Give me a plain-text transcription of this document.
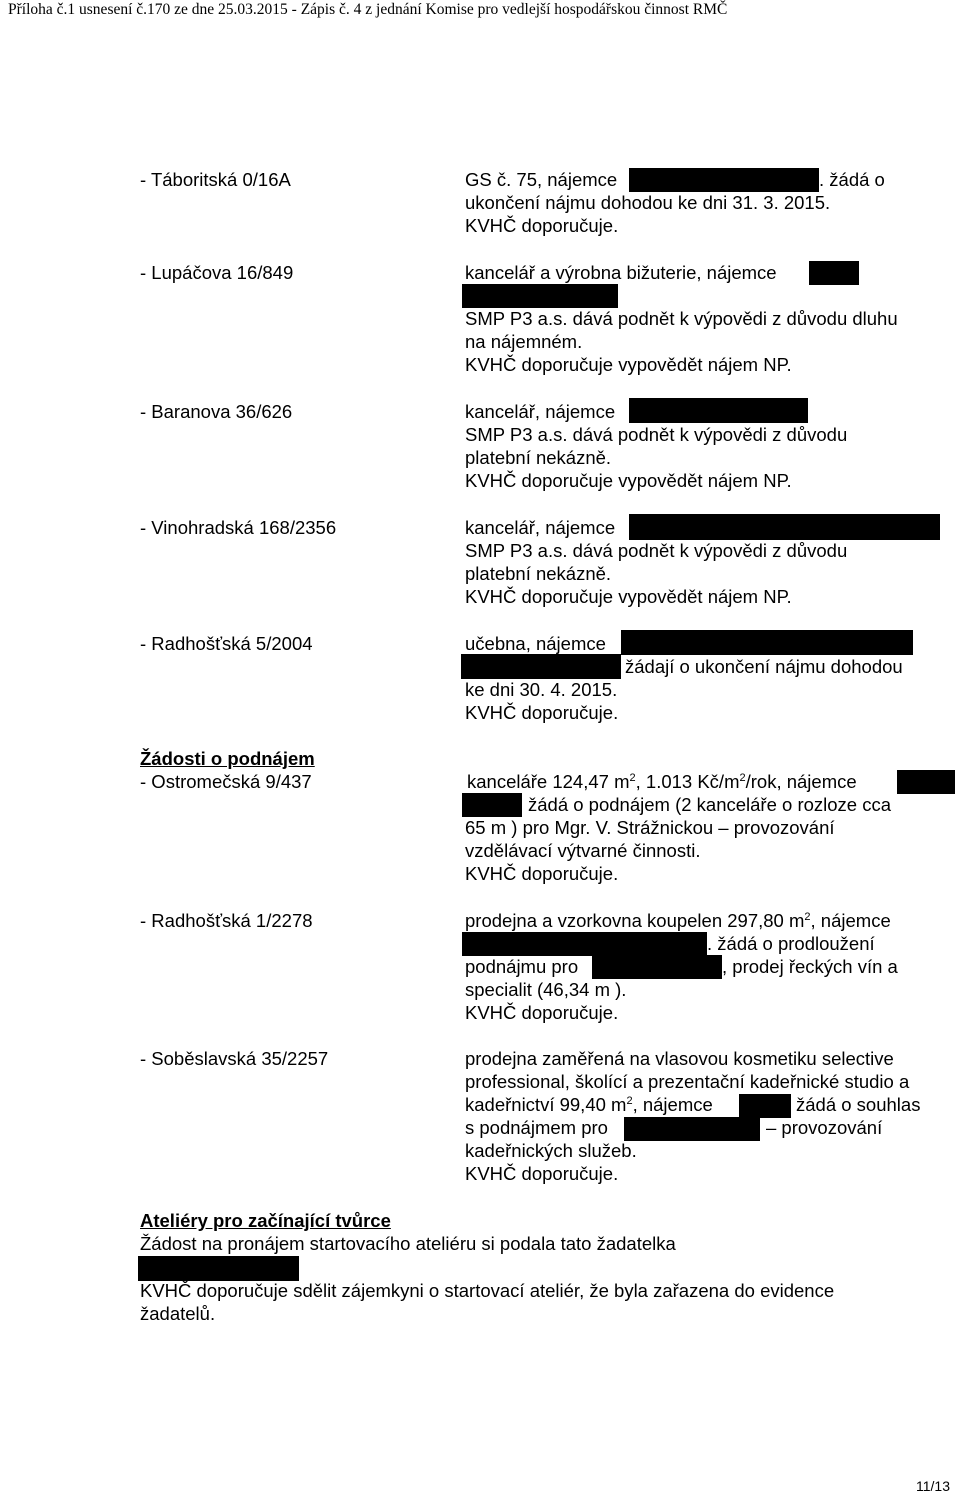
Příloha č.1 usnesení č.170 ze dne 25.03.2015 - Zápis č. 4 z jednání Komise pro vedlejší hospodářskou činnost RMČ
- Táboritská 0/16A	GS č. 75, nájemce	. žádá o
ukončení nájmu dohodou ke dni 31. 3. 2015.
KVHČ doporučuje.
- Lupáčova 16/849	kancelář a výrobna bižuterie, nájemce
SMP P3 a.s. dává podnět k výpovědi z důvodu dluhu
na nájemném.
KVHČ doporučuje vypovědět nájem NP.
- Baranova 36/626	kancelář, nájemce
SMP P3 a.s. dává podnět k výpovědi z důvodu
platební nekázně.
KVHČ doporučuje vypovědět nájem NP.
- Vinohradská 168/2356	kancelář, nájemce
SMP P3 a.s. dává podnět k výpovědi z důvodu
platební nekázně.
KVHČ doporučuje vypovědět nájem NP.
- Radhošťská 5/2004	učebna, nájemce
žádají o ukončení nájmu dohodou
ke dni 30. 4. 2015.
KVHČ doporučuje.
Žádosti o podnájem
- Ostromečská 9/437	kanceláře 124,47 $m^2$, 1.013 $Kč/m^2$/rok, nájemce
žádá o podnájem (2 kanceláře o rozloze cca
65 m ) pro Mgr. V. Strážnickou – provozování
vzdělávací výtvarné činnosti.
KVHČ doporučuje.
- Radhošťská 1/2278	prodejna a vzorkovna koupelen 297,80 $m^2$, nájemce
. žádá o prodloužení
podnájmu pro	, prodej řeckých vín a
specialit (46,34 m ).
KVHČ doporučuje.
- Soběslavská 35/2257	prodejna zaměřená na vlasovou kosmetiku selective
professional, školící a prezentační kadeřnické studio a
kadeřnictví 99,40 $m^2$, nájemce	žádá o souhlas
s podnájmem pro	– provozování
kadeřnických služeb.
KVHČ doporučuje.
Ateliéry pro začínající tvůrce
Žádost na pronájem startovacího ateliéru si podala tato žadatelka
KVHČ doporučuje sdělit zájemkyni o startovací ateliér, že byla zařazena do evidence
žadatelů.
11/13
